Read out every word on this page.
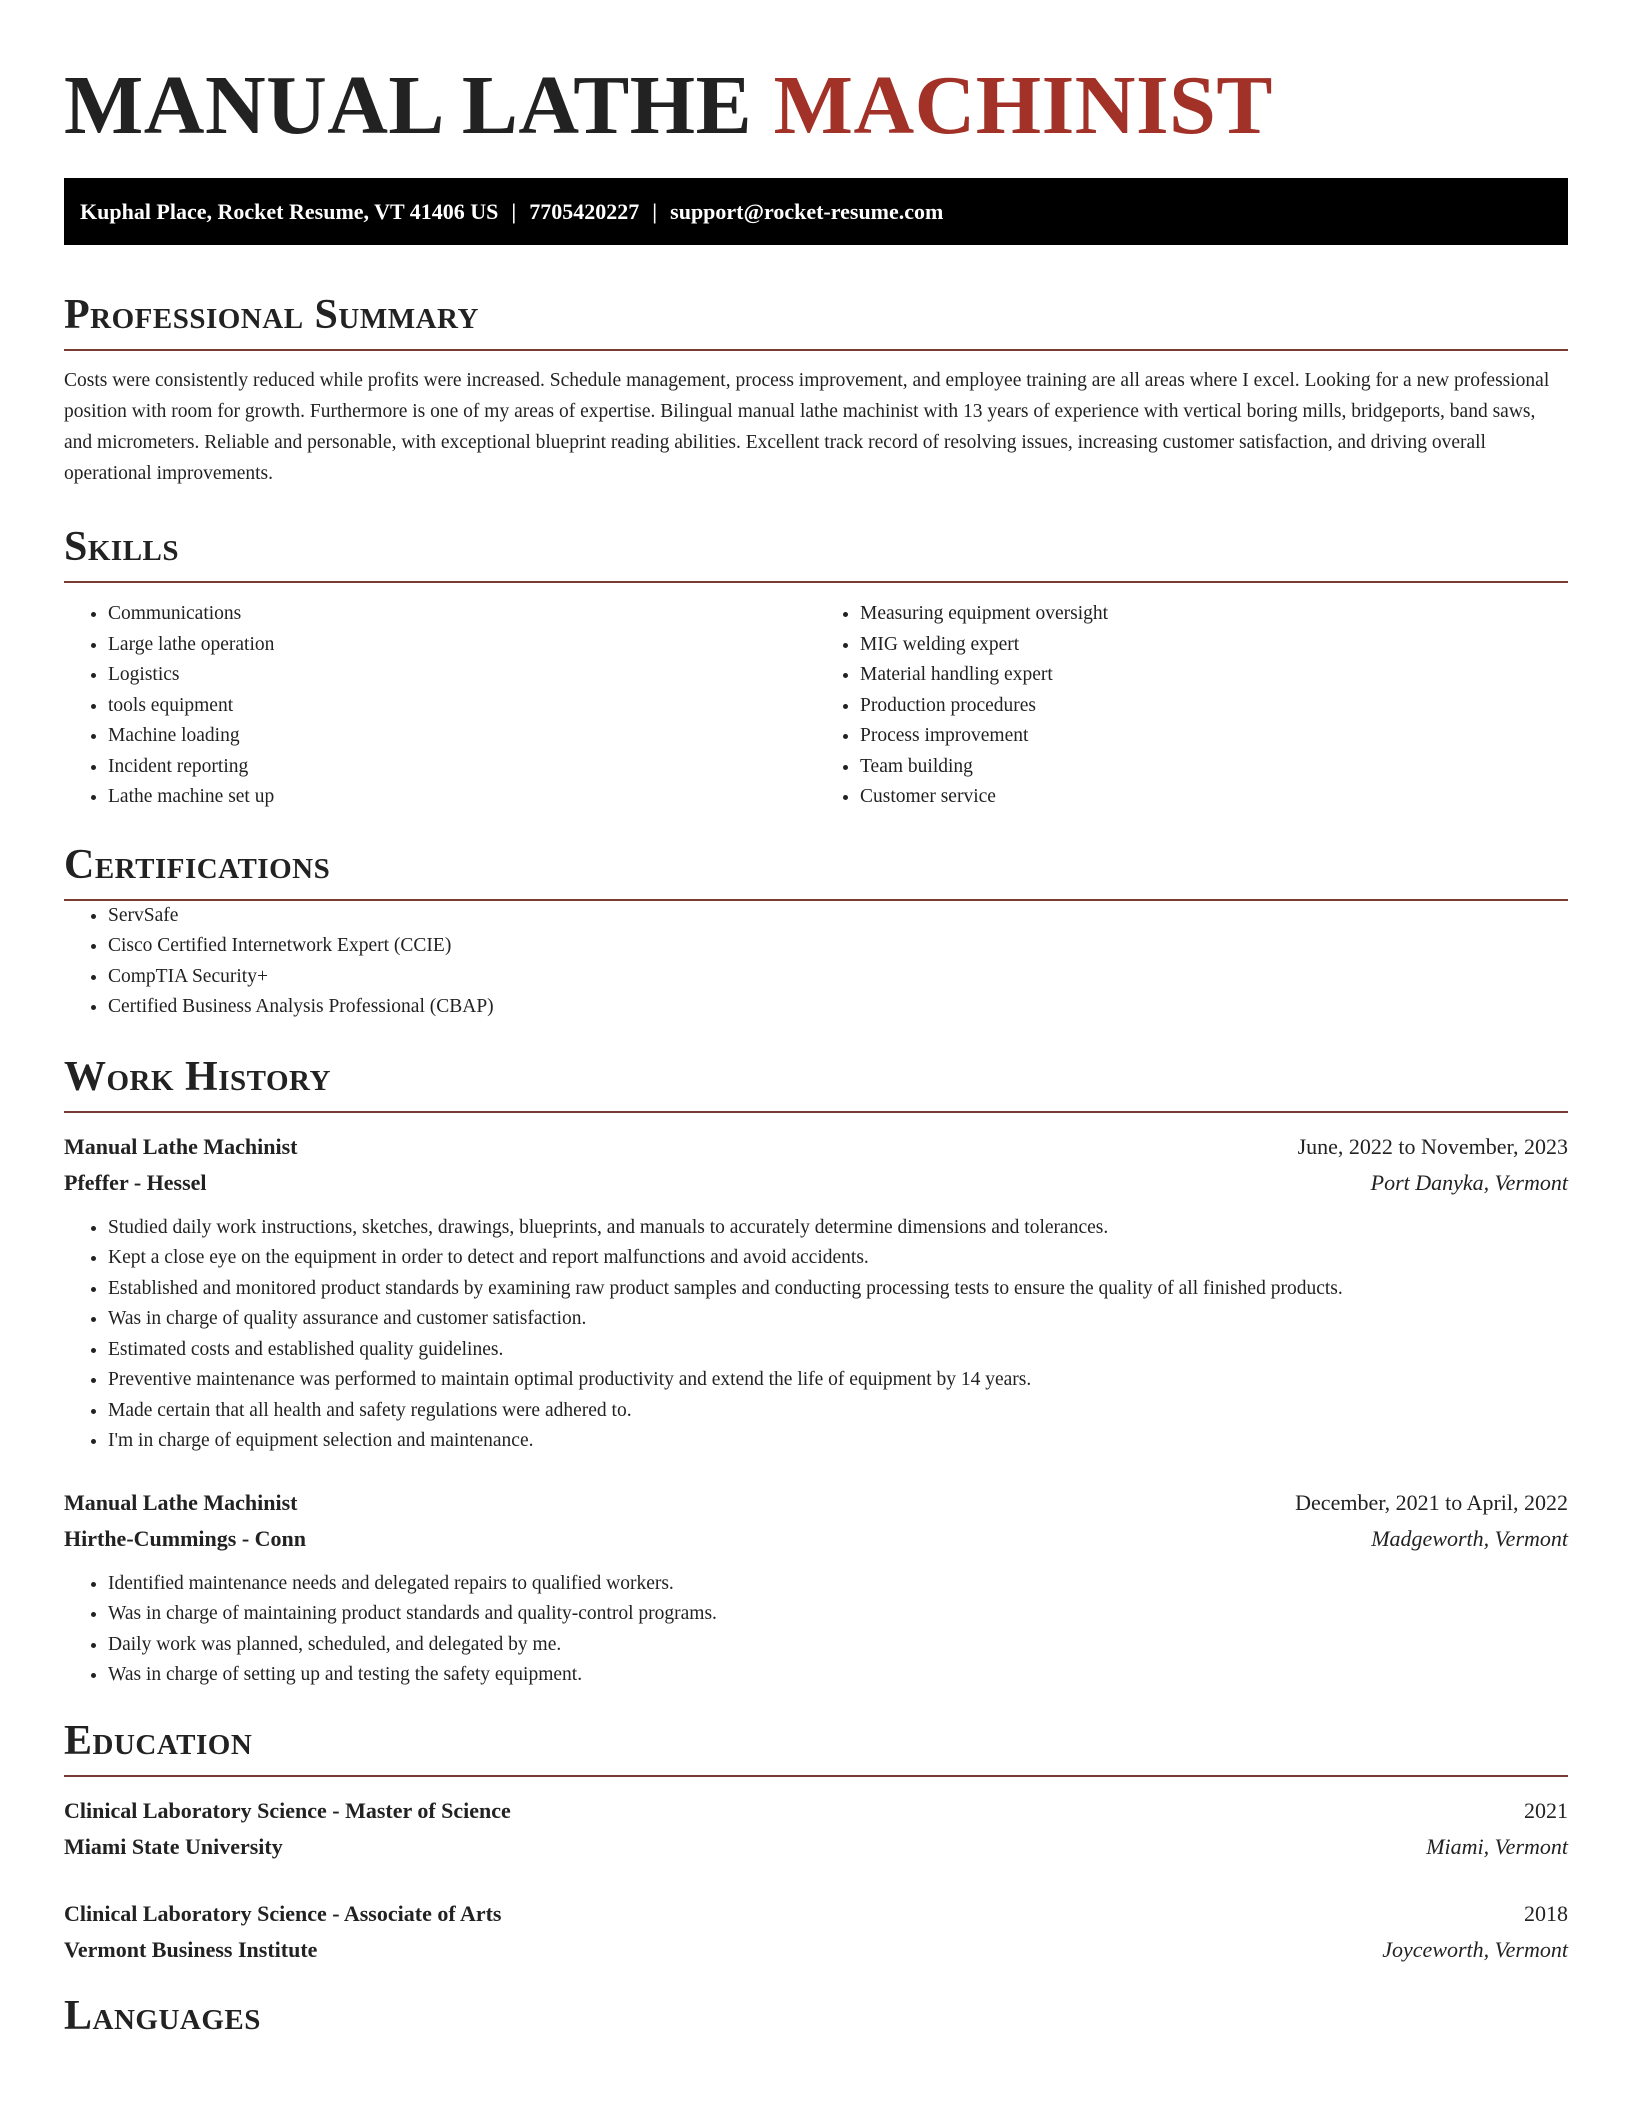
MANUAL LATHE MACHINIST
Kuphal Place, Rocket Resume, VT 41406 US | 7705420227 | support@rocket-resume.com
Professional Summary

Costs were consistently reduced while profits were increased. Schedule management, process improvement, and employee training are all areas where I excel. Looking for a new professional position with room for growth. Furthermore is one of my areas of expertise. Bilingual manual lathe machinist with 13 years of experience with vertical boring mills, bridgeports, band saws, and micrometers. Reliable and personable, with exceptional blueprint reading abilities. Excellent track record of resolving issues, increasing customer satisfaction, and driving overall operational improvements.

Skills
• Communications
• Large lathe operation
• Logistics
• tools equipment
• Machine loading
• Incident reporting
• Lathe machine set up
• Measuring equipment oversight
• MIG welding expert
• Material handling expert
• Production procedures
• Process improvement
• Team building
• Customer service
Certifications
• ServSafe
• Cisco Certified Internetwork Expert (CCIE)
• CompTIA Security+
• Certified Business Analysis Professional (CBAP)
Work History
Manual Lathe Machinist	June, 2022 to November, 2023
Pfeffer - Hessel	Port Danyka, Vermont
• Studied daily work instructions, sketches, drawings, blueprints, and manuals to accurately determine dimensions and tolerances.
• Kept a close eye on the equipment in order to detect and report malfunctions and avoid accidents.
• Established and monitored product standards by examining raw product samples and conducting processing tests to ensure the quality of all finished products.
• Was in charge of quality assurance and customer satisfaction.
• Estimated costs and established quality guidelines.
• Preventive maintenance was performed to maintain optimal productivity and extend the life of equipment by 14 years.
• Made certain that all health and safety regulations were adhered to.
• I'm in charge of equipment selection and maintenance.
Manual Lathe Machinist	December, 2021 to April, 2022
Hirthe-Cummings - Conn	Madgeworth, Vermont
• Identified maintenance needs and delegated repairs to qualified workers.
• Was in charge of maintaining product standards and quality-control programs.
• Daily work was planned, scheduled, and delegated by me.
• Was in charge of setting up and testing the safety equipment.
Education
Clinical Laboratory Science - Master of Science	2021
Miami State University	Miami, Vermont
Clinical Laboratory Science - Associate of Arts	2018
Vermont Business Institute	Joyceworth, Vermont
Languages
